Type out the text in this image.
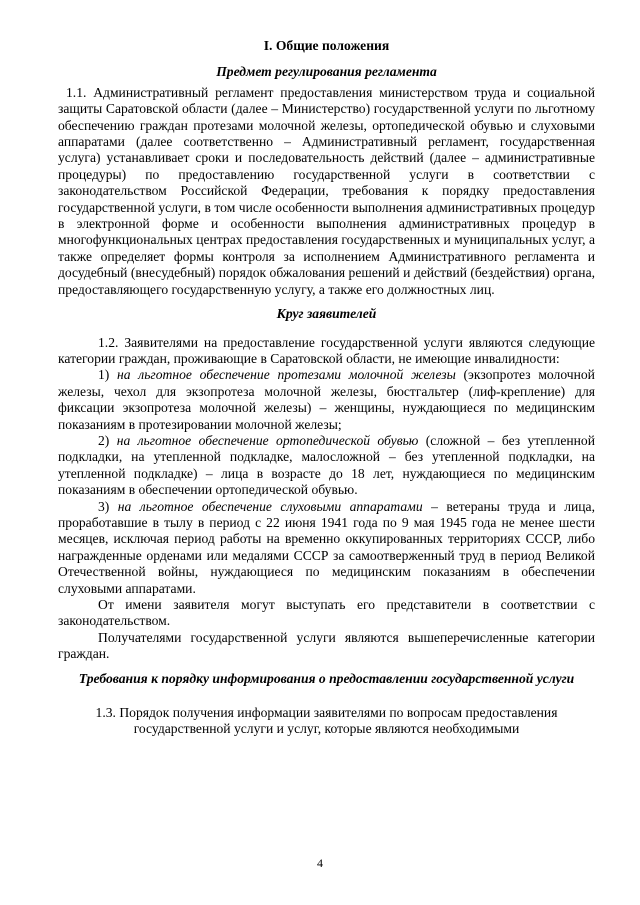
I. Общие положения
Предмет регулирования регламента

1.1. Административный регламент предоставления министерством труда и социальной защиты Саратовской области (далее – Министерство) государственной услуги по льготному обеспечению граждан протезами молочной железы, ортопедической обувью и слуховыми аппаратами (далее соответственно – Административный регламент, государственная услуга) устанавливает сроки и последовательность действий (далее – административные процедуры) по предоставлению государственной услуги в соответствии с законодательством Российской Федерации, требования к порядку предоставления государственной услуги, в том числе особенности выполнения административных процедур в электронной форме и особенности выполнения административных процедур в многофункциональных центрах предоставления государственных и муниципальных услуг, а также определяет формы контроля за исполнением Административного регламента и досудебный (внесудебный) порядок обжалования решений и действий (бездействия) органа, предоставляющего государственную услугу, а также его должностных лиц.

Круг заявителей

1.2. Заявителями на предоставление государственной услуги являются следующие категории граждан, проживающие в Саратовской области, не имеющие инвалидности:

1) на льготное обеспечение протезами молочной железы (экзопротез молочной железы, чехол для экзопротеза молочной железы, бюстгальтер (лиф-крепление) для фиксации экзопротеза молочной железы) – женщины, нуждающиеся по медицинским показаниям в протезировании молочной железы;

2) на льготное обеспечение ортопедической обувью (сложной – без утепленной подкладки, на утепленной подкладке, малосложной – без утепленной подкладки, на утепленной подкладке) – лица в возрасте до 18 лет, нуждающиеся по медицинским показаниям в обеспечении ортопедической обувью.

3) на льготное обеспечение слуховыми аппаратами – ветераны труда и лица, проработавшие в тылу в период с 22 июня 1941 года по 9 мая 1945 года не менее шести месяцев, исключая период работы на временно оккупированных территориях СССР, либо награжденные орденами или медалями СССР за самоотверженный труд в период Великой Отечественной войны, нуждающиеся по медицинским показаниям в обеспечении слуховыми аппаратами.

От имени заявителя могут выступать его представители в соответствии с законодательством.

Получателями государственной услуги являются вышеперечисленные категории граждан.

Требования к порядку информирования о предоставлении государственной услуги

1.3. Порядок получения информации заявителями по вопросам предоставления государственной услуги и услуг, которые являются необходимыми

4
